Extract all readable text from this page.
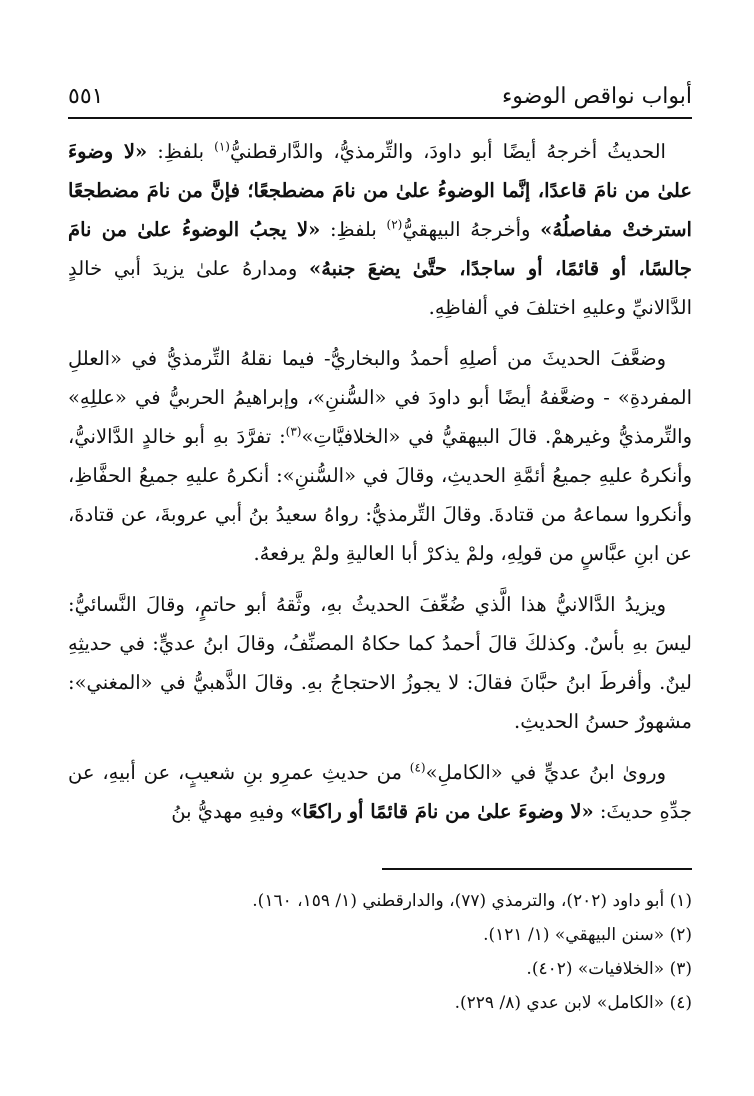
أبواب نواقص الوضوء
٥٥١

الحديثُ أخرجهُ أيضًا أبو داودَ، والتِّرمذيُّ، والدَّارقطنيُّ$^{(١)}$ بلفظِ: «لا وضوءَ علىٰ من نامَ قاعدًا، إنَّما الوضوءُ علىٰ من نامَ مضطجعًا؛ فإنَّ من نامَ مضطجعًا استرختْ مفاصلُهُ» وأخرجهُ البيهقيُّ$^{(٢)}$ بلفظِ: «لا يجبُ الوضوءُ علىٰ من نامَ جالسًا، أو قائمًا، أو ساجدًا، حتَّىٰ يضعَ جنبهُ» ومدارهُ علىٰ يزيدَ أبي خالدٍ الدَّالانيِّ وعليهِ اختلفَ في ألفاظِهِ.

وضعَّفَ الحديثَ من أصلِهِ أحمدُ والبخاريُّ- فيما نقلهُ التِّرمذيُّ في «العللِ المفردةِ» - وضعَّفهُ أيضًا أبو داودَ في «السُّننِ»، وإبراهيمُ الحربيُّ في «عللِهِ» والتِّرمذيُّ وغيرهمْ. قالَ البيهقيُّ في «الخلافيَّاتِ»$^{(٣)}$: تفرَّدَ بهِ أبو خالدٍ الدَّالانيُّ، وأنكرهُ عليهِ جميعُ أئمَّةِ الحديثِ، وقالَ في «السُّننِ»: أنكرهُ عليهِ جميعُ الحفَّاظِ، وأنكروا سماعهُ من قتادةَ. وقالَ التِّرمذيُّ: رواهُ سعيدُ بنُ أبي عروبةَ، عن قتادةَ، عن ابنِ عبَّاسٍ من قولِهِ، ولمْ يذكرْ أبا العاليةِ ولمْ يرفعهُ.

ويزيدُ الدَّالانيُّ هذا الَّذي ضُعِّفَ الحديثُ بهِ، وثَّقهُ أبو حاتمٍ، وقالَ النَّسائيُّ: ليسَ بهِ بأسٌ. وكذلكَ قالَ أحمدُ كما حكاهُ المصنِّفُ، وقالَ ابنُ عديٍّ: في حديثِهِ لينٌ. وأفرطَ ابنُ حبَّانَ فقالَ: لا يجوزُ الاحتجاجُ بهِ. وقالَ الذَّهبيُّ في «المغني»: مشهورٌ حسنُ الحديثِ.

ورویٰ ابنُ عديٍّ في «الكاملِ»$^{(٤)}$ من حديثِ عمرِو بنِ شعيبٍ، عن أبيهِ، عن جدِّهِ حديثَ: «لا وضوءَ علىٰ من نامَ قائمًا أو راكعًا» وفيهِ مهديُّ بنُ

(١) أبو داود (٢٠٢)، والترمذي (٧٧)، والدارقطني (١/ ١٥٩، ١٦٠).
(٢) «سنن البيهقي» (١/ ١٢١).
(٣) «الخلافيات» (٤٠٢).
(٤) «الكامل» لابن عدي (٨/ ٢٢٩).
